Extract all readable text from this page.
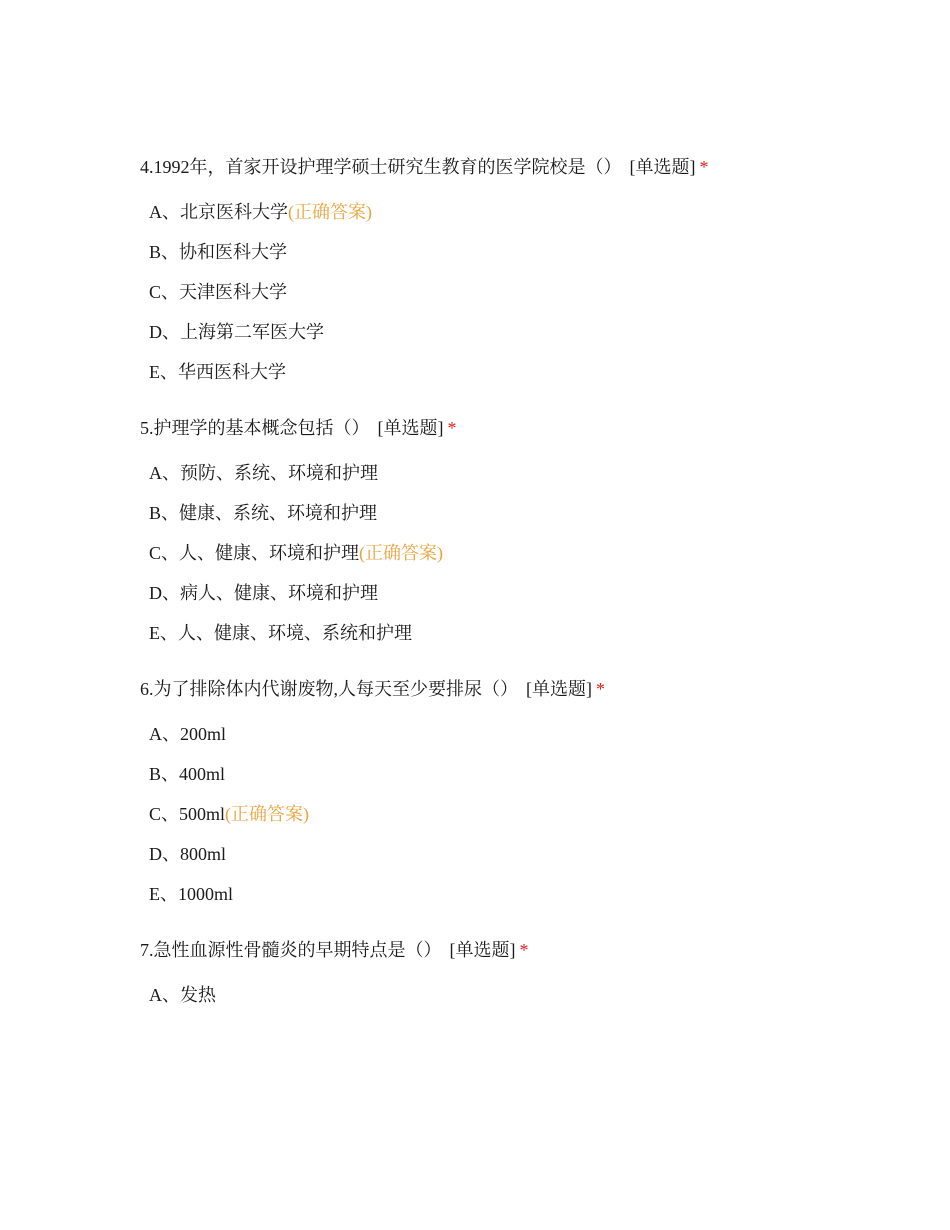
4.1992年，首家开设护理学硕士研究生教育的医学院校是（） [单选题] *
A、北京医科大学(正确答案)
B、协和医科大学
C、天津医科大学
D、上海第二军医大学
E、华西医科大学
5.护理学的基本概念包括（） [单选题] *
A、预防、系统、环境和护理
B、健康、系统、环境和护理
C、人、健康、环境和护理(正确答案)
D、病人、健康、环境和护理
E、人、健康、环境、系统和护理
6.为了排除体内代谢废物,人每天至少要排尿（） [单选题] *
A、200ml
B、400ml
C、500ml(正确答案)
D、800ml
E、1000ml
7.急性血源性骨髓炎的早期特点是（） [单选题] *
A、发热
